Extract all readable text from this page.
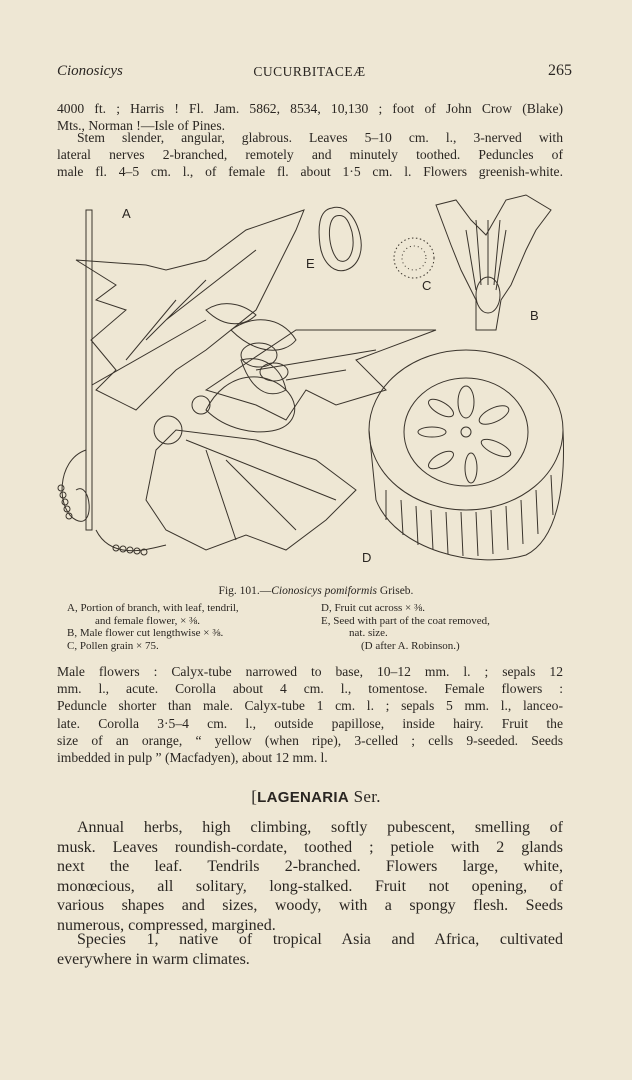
Cionosicys	CUCURBITACEÆ	265

4000 ft. ; Harris ! Fl. Jam. 5862, 8534, 10,130 ; foot of John Crow (Blake)

Mts., Norman !—Isle of Pines.

Stem slender, angular, glabrous. Leaves 5–10 cm. l., 3-nerved with

lateral nerves 2-branched, remotely and minutely toothed. Peduncles of

male fl. 4–5 cm. l., of female fl. about 1·5 cm. l. Flowers greenish-white.

A
E
C
B
D
Fig. 101.—Cionosicys pomiformis Griseb.
A, Portion of branch, with leaf, tendril,
and female flower, × ⅜.
B, Male flower cut lengthwise × ⅜.
C, Pollen grain × 75.
D, Fruit cut across × ⅜.
E, Seed with part of the coat removed,
nat. size.
(D after A. Robinson.)

Male flowers : Calyx-tube narrowed to base, 10–12 mm. l. ; sepals 12

mm. l., acute. Corolla about 4 cm. l., tomentose. Female flowers :

Peduncle shorter than male. Calyx-tube 1 cm. l. ; sepals 5 mm. l., lanceo-

late. Corolla 3·5–4 cm. l., outside papillose, inside hairy. Fruit the

size of an orange, “ yellow (when ripe), 3-celled ; cells 9-seeded. Seeds

imbedded in pulp ” (Macfadyen), about 12 mm. l.

[LAGENARIA Ser.

Annual herbs, high climbing, softly pubescent, smelling of

musk. Leaves roundish-cordate, toothed ; petiole with 2 glands

next the leaf. Tendrils 2-branched. Flowers large, white,

monœcious, all solitary, long-stalked. Fruit not opening, of

various shapes and sizes, woody, with a spongy flesh. Seeds

numerous, compressed, margined.

Species 1, native of tropical Asia and Africa, cultivated

everywhere in warm climates.
